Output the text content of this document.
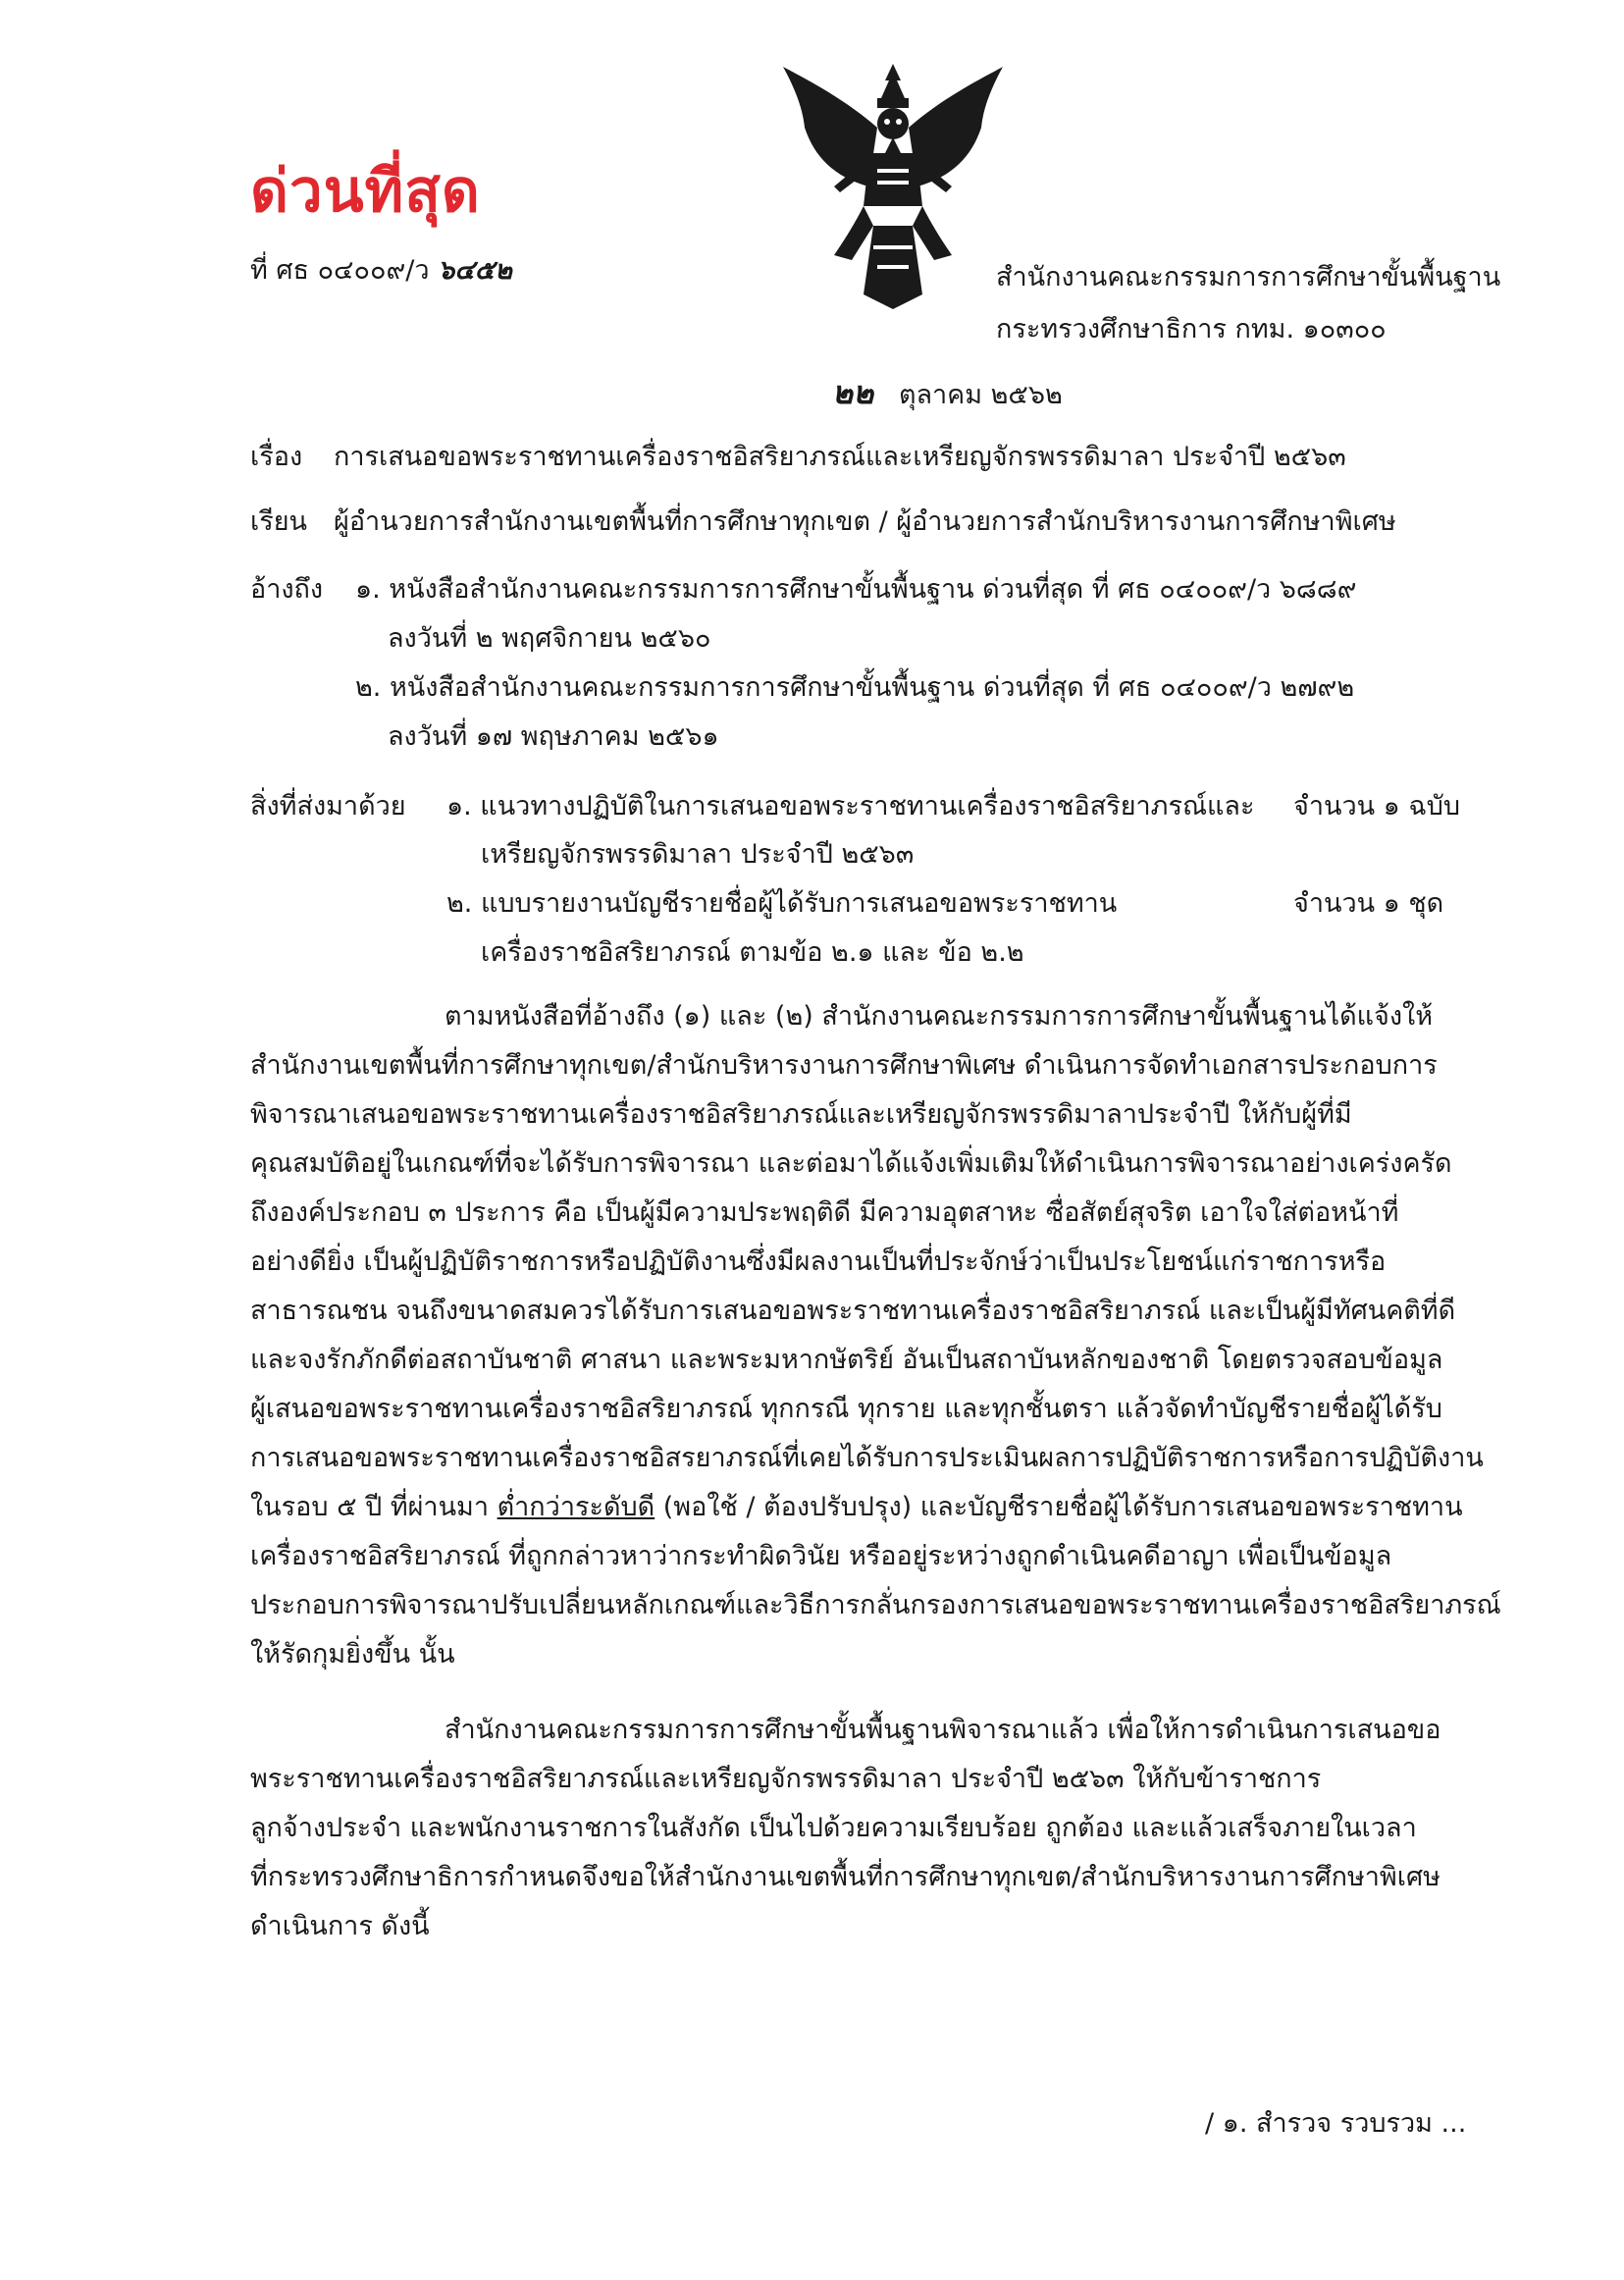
ด่วนที่สุด
ที่ ศธ ๐๔๐๐๙/ว ๖๔๕๒	สำนักงานคณะกรรมการการศึกษาขั้นพื้นฐาน
กระทรวงศึกษาธิการ กทม. ๑๐๓๐๐
๒๒ ตุลาคม ๒๕๖๒
เรื่อง การเสนอขอพระราชทานเครื่องราชอิสริยาภรณ์และเหรียญจักรพรรดิมาลา ประจำปี ๒๕๖๓
เรียน ผู้อำนวยการสำนักงานเขตพื้นที่การศึกษาทุกเขต / ผู้อำนวยการสำนักบริหารงานการศึกษาพิเศษ
อ้างถึง ๑. หนังสือสำนักงานคณะกรรมการการศึกษาขั้นพื้นฐาน ด่วนที่สุด ที่ ศธ ๐๔๐๐๙/ว ๖๘๘๙
ลงวันที่ ๒ พฤศจิกายน ๒๕๖๐
๒. หนังสือสำนักงานคณะกรรมการการศึกษาขั้นพื้นฐาน ด่วนที่สุด ที่ ศธ ๐๔๐๐๙/ว ๒๗๙๒
ลงวันที่ ๑๗ พฤษภาคม ๒๕๖๑
สิ่งที่ส่งมาด้วย ๑. แนวทางปฏิบัติในการเสนอขอพระราชทานเครื่องราชอิสริยาภรณ์และ จำนวน ๑ ฉบับ
เหรียญจักรพรรดิมาลา ประจำปี ๒๕๖๓
๒. แบบรายงานบัญชีรายชื่อผู้ได้รับการเสนอขอพระราชทาน	จำนวน ๑ ชุด
เครื่องราชอิสริยาภรณ์ ตามข้อ ๒.๑ และ ข้อ ๒.๒
ตามหนังสือที่อ้างถึง (๑) และ (๒) สำนักงานคณะกรรมการการศึกษาขั้นพื้นฐานได้แจ้งให้
สำนักงานเขตพื้นที่การศึกษาทุกเขต/สำนักบริหารงานการศึกษาพิเศษ ดำเนินการจัดทำเอกสารประกอบการ
พิจารณาเสนอขอพระราชทานเครื่องราชอิสริยาภรณ์และเหรียญจักรพรรดิมาลาประจำปี ให้กับผู้ที่มี
คุณสมบัติอยู่ในเกณฑ์ที่จะได้รับการพิจารณา และต่อมาได้แจ้งเพิ่มเติมให้ดำเนินการพิจารณาอย่างเคร่งครัด
ถึงองค์ประกอบ ๓ ประการ คือ เป็นผู้มีความประพฤติดี มีความอุตสาหะ ซื่อสัตย์สุจริต เอาใจใส่ต่อหน้าที่
อย่างดียิ่ง เป็นผู้ปฏิบัติราชการหรือปฏิบัติงานซึ่งมีผลงานเป็นที่ประจักษ์ว่าเป็นประโยชน์แก่ราชการหรือ
สาธารณชน จนถึงขนาดสมควรได้รับการเสนอขอพระราชทานเครื่องราชอิสริยาภรณ์ และเป็นผู้มีทัศนคติที่ดี
และจงรักภักดีต่อสถาบันชาติ ศาสนา และพระมหากษัตริย์ อันเป็นสถาบันหลักของชาติ โดยตรวจสอบข้อมูล
ผู้เสนอขอพระราชทานเครื่องราชอิสริยาภรณ์ ทุกกรณี ทุกราย และทุกชั้นตรา แล้วจัดทำบัญชีรายชื่อผู้ได้รับ
การเสนอขอพระราชทานเครื่องราชอิสรยาภรณ์ที่เคยได้รับการประเมินผลการปฏิบัติราชการหรือการปฏิบัติงาน
ในรอบ ๕ ปี ที่ผ่านมา ต่ำกว่าระดับดี (พอใช้ / ต้องปรับปรุง) และบัญชีรายชื่อผู้ได้รับการเสนอขอพระราชทาน
เครื่องราชอิสริยาภรณ์ ที่ถูกกล่าวหาว่ากระทำผิดวินัย หรืออยู่ระหว่างถูกดำเนินคดีอาญา เพื่อเป็นข้อมูล
ประกอบการพิจารณาปรับเปลี่ยนหลักเกณฑ์และวิธีการกลั่นกรองการเสนอขอพระราชทานเครื่องราชอิสริยาภรณ์
ให้รัดกุมยิ่งขึ้น นั้น
สำนักงานคณะกรรมการการศึกษาขั้นพื้นฐานพิจารณาแล้ว เพื่อให้การดำเนินการเสนอขอ
พระราชทานเครื่องราชอิสริยาภรณ์และเหรียญจักรพรรดิมาลา ประจำปี ๒๕๖๓ ให้กับข้าราชการ
ลูกจ้างประจำ และพนักงานราชการในสังกัด เป็นไปด้วยความเรียบร้อย ถูกต้อง และแล้วเสร็จภายในเวลา
ที่กระทรวงศึกษาธิการกำหนดจึงขอให้สำนักงานเขตพื้นที่การศึกษาทุกเขต/สำนักบริหารงานการศึกษาพิเศษ
ดำเนินการ ดังนี้
/ ๑. สำรวจ รวบรวม ...
